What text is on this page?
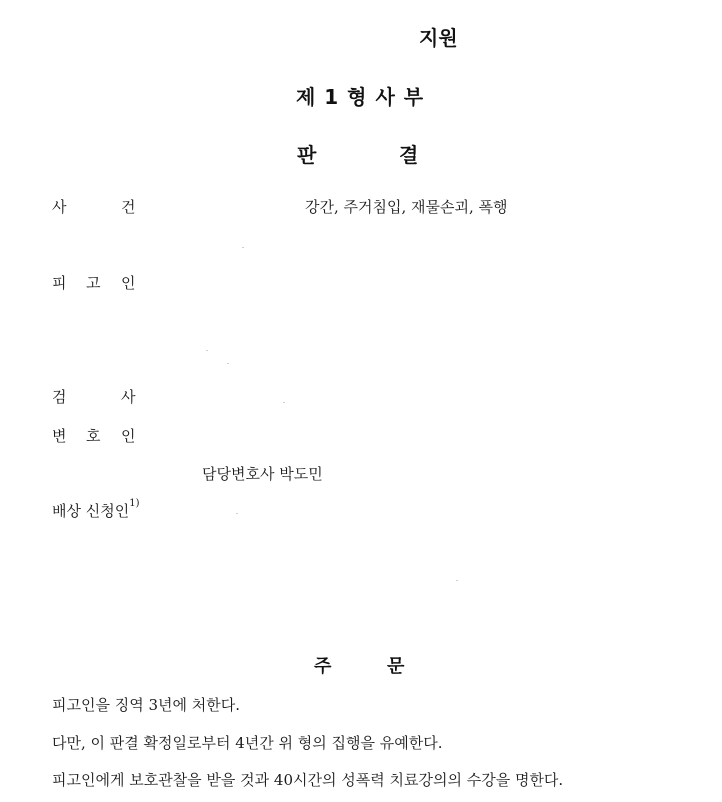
지원
제 1 형 사 부
판	결
사	건	강간, 주거침입, 재물손괴, 폭행
피 고 인
검	사
변 호 인
담당변호사 박도민
배상 신청인$^{1)}$
주	문
피고인을 징역 3년에 처한다.
다만, 이 판결 확정일로부터 4년간 위 형의 집행을 유예한다.
피고인에게 보호관찰을 받을 것과 40시간의 성폭력 치료강의의 수강을 명한다.
